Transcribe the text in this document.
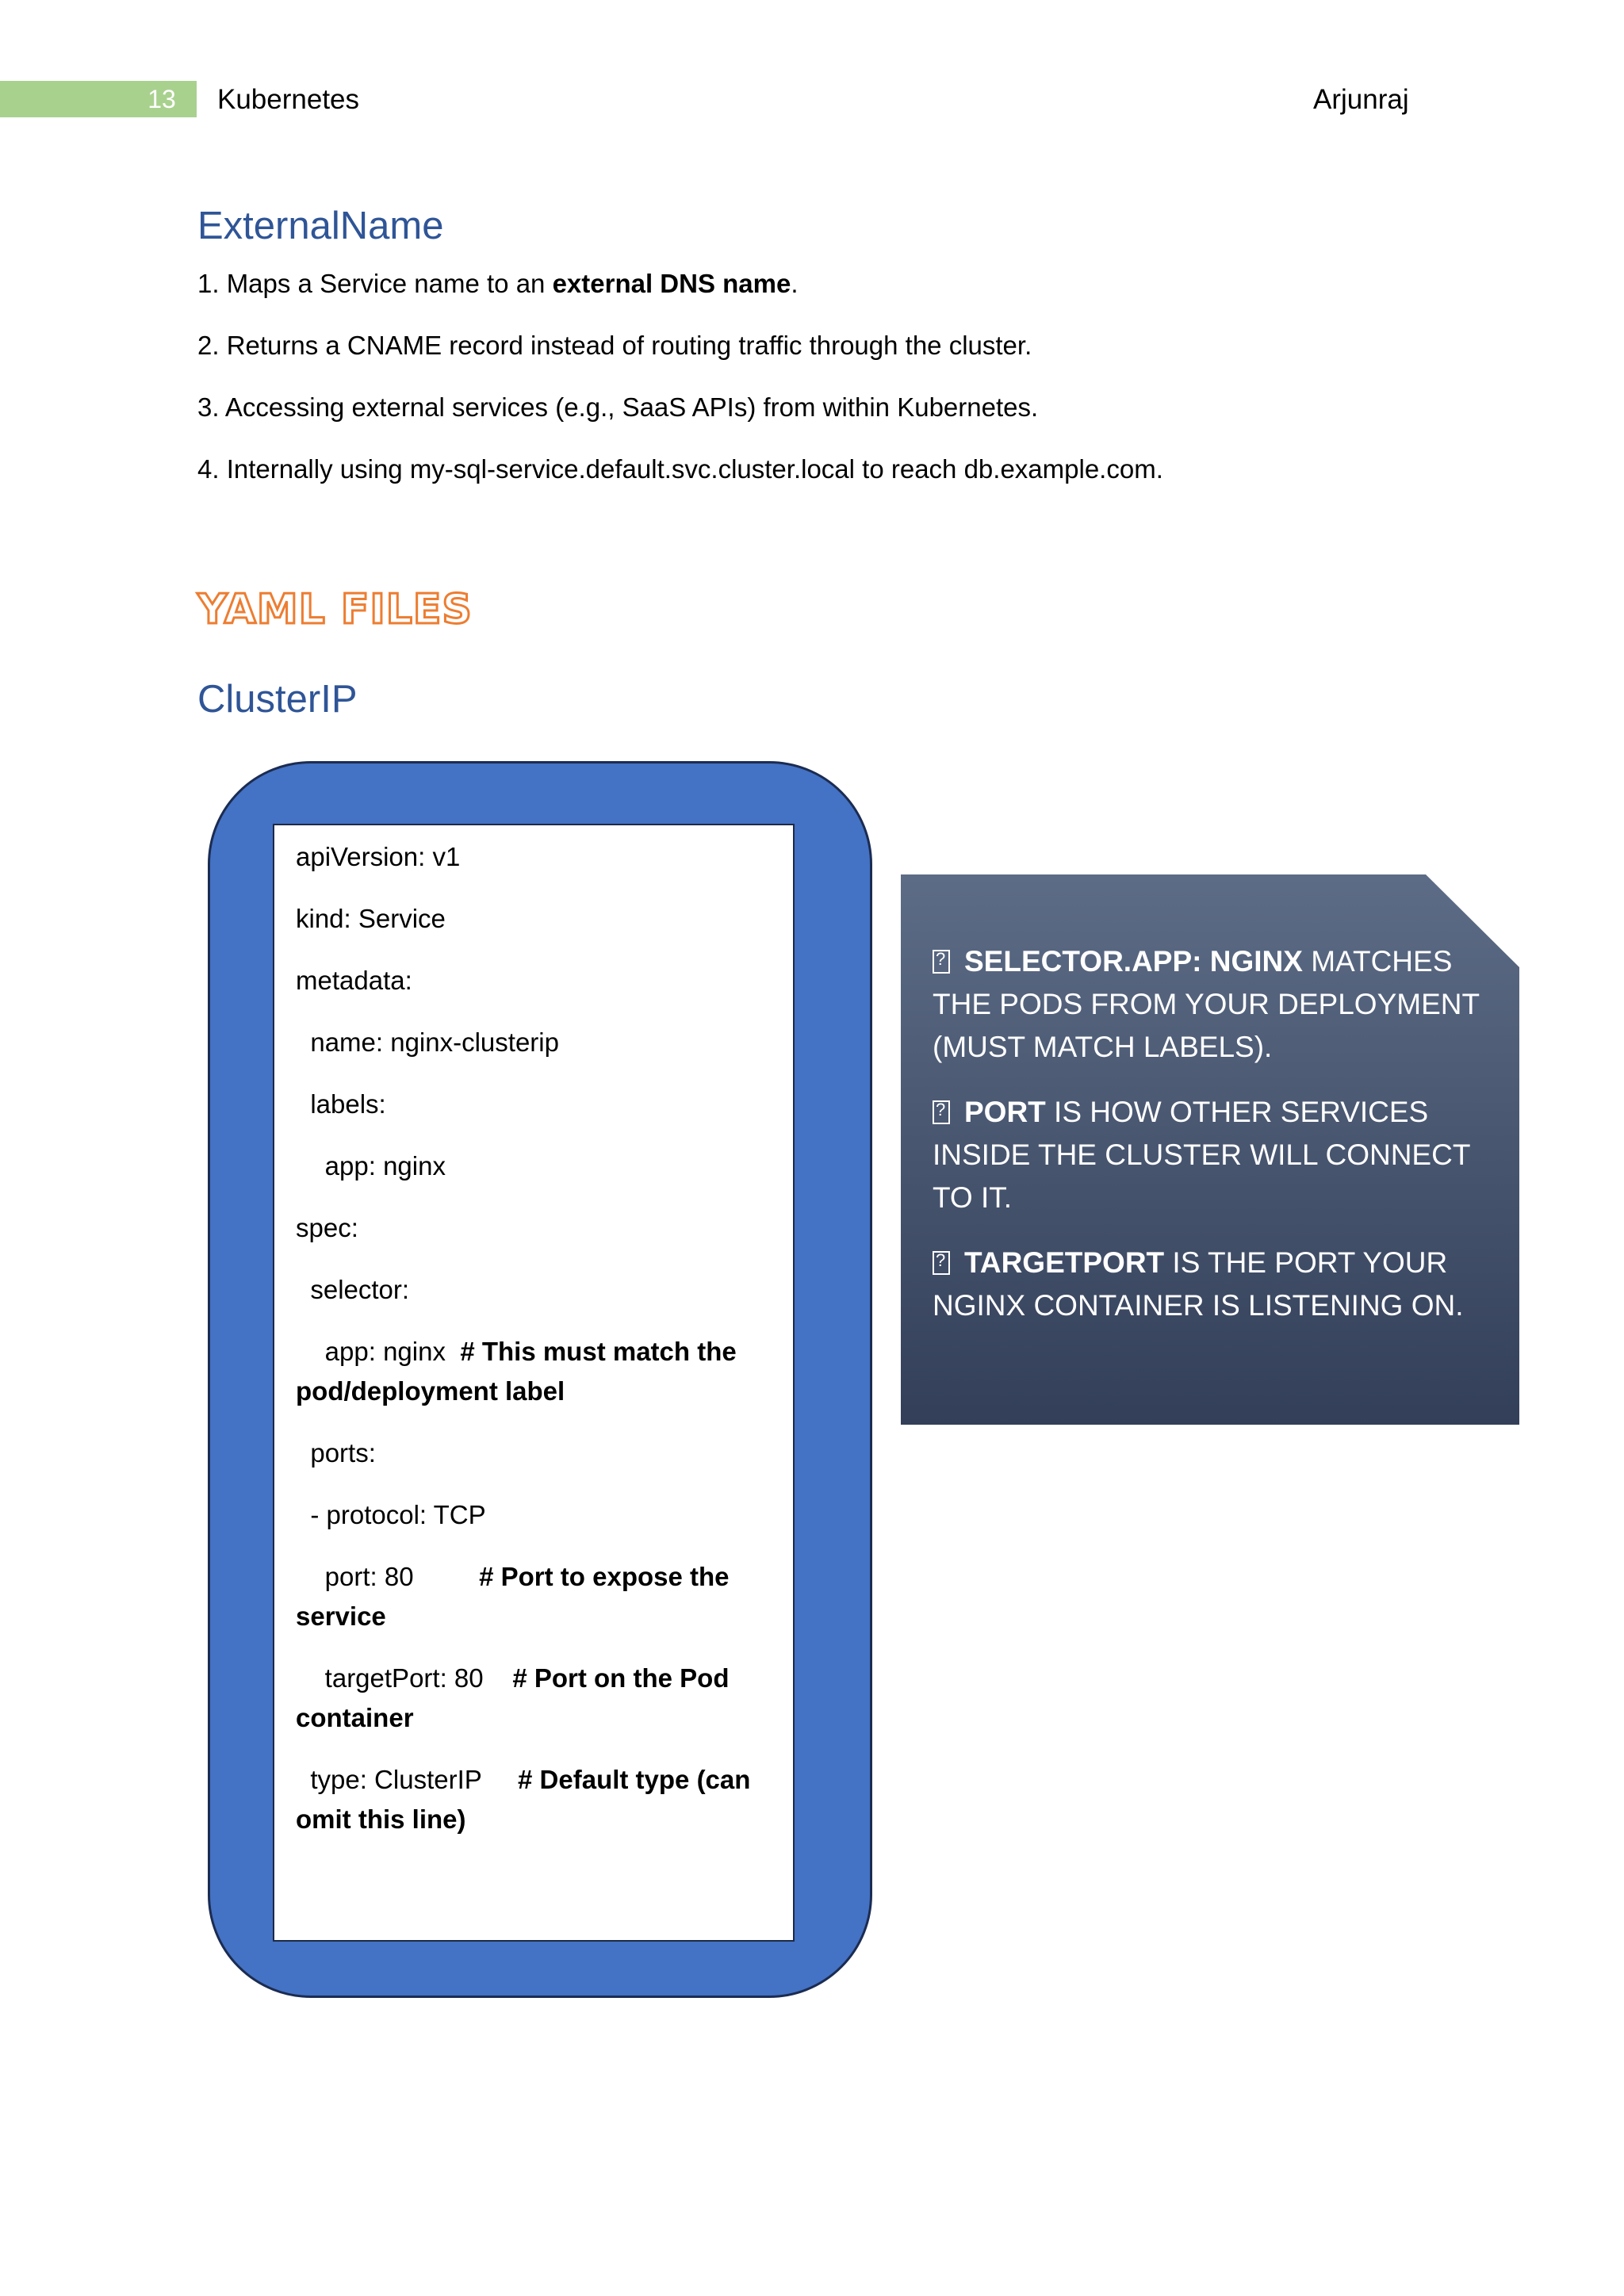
13	Kubernetes	Arjunraj
ExternalName
1. Maps a Service name to an external DNS name.
2. Returns a CNAME record instead of routing traffic through the cluster.
3. Accessing external services (e.g., SaaS APIs) from within Kubernetes.
4. Internally using my-sql-service.default.svc.cluster.local to reach db.example.com.
YAML FILES
ClusterIP
apiVersion: v1
kind: Service
metadata:
name: nginx-clusterip
labels:
app: nginx
spec:
selector:
app: nginx  # This must match the pod/deployment label
ports:
- protocol: TCP
port: 80         # Port to expose the service
targetPort: 80    # Port on the Pod container
type: ClusterIP     # Default type (can omit this line)

?SELECTOR.APP: NGINX MATCHES THE PODS FROM YOUR DEPLOYMENT (MUST MATCH LABELS).

?PORT IS HOW OTHER SERVICES INSIDE THE CLUSTER WILL CONNECT TO IT.

?TARGETPORT IS THE PORT YOUR NGINX CONTAINER IS LISTENING ON.
